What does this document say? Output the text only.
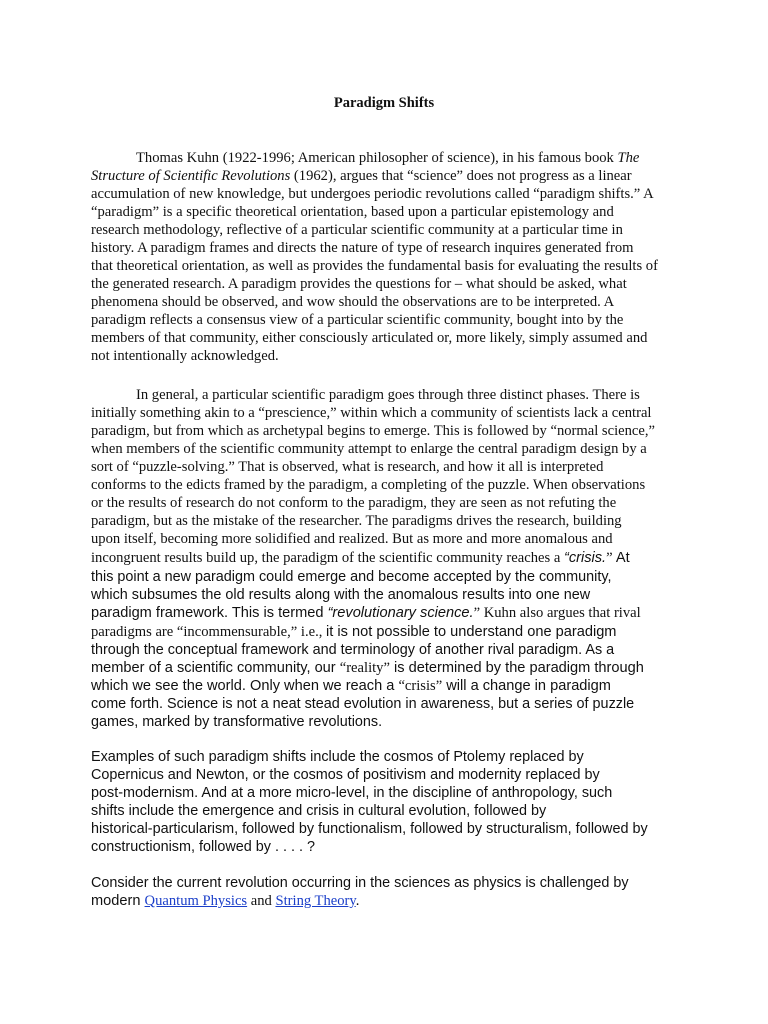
Paradigm Shifts
Thomas Kuhn (1922-1996; American philosopher of science), in his famous book The
Structure of Scientific Revolutions (1962), argues that “science” does not progress as a linear
accumulation of new knowledge, but undergoes periodic revolutions called “paradigm shifts.” A
“paradigm” is a specific theoretical orientation, based upon a particular epistemology and
research methodology, reflective of a particular scientific community at a particular time in
history. A paradigm frames and directs the nature of type of research inquires generated from
that theoretical orientation, as well as provides the fundamental basis for evaluating the results of
the generated research. A paradigm provides the questions for – what should be asked, what
phenomena should be observed, and wow should the observations are to be interpreted. A
paradigm reflects a consensus view of a particular scientific community, bought into by the
members of that community, either consciously articulated or, more likely, simply assumed and
not intentionally acknowledged.
In general, a particular scientific paradigm goes through three distinct phases. There is
initially something akin to a “prescience,” within which a community of scientists lack a central
paradigm, but from which as archetypal begins to emerge. This is followed by “normal science,”
when members of the scientific community attempt to enlarge the central paradigm design by a
sort of “puzzle-solving.” That is observed, what is research, and how it all is interpreted
conforms to the edicts framed by the paradigm, a completing of the puzzle. When observations
or the results of research do not conform to the paradigm, they are seen as not refuting the
paradigm, but as the mistake of the researcher. The paradigms drives the research, building
upon itself, becoming more solidified and realized. But as more and more anomalous and
incongruent results build up, the paradigm of the scientific community reaches a “crisis.” At
this point a new paradigm could emerge and become accepted by the community,
which subsumes the old results along with the anomalous results into one new
paradigm framework. This is termed “revolutionary science.” Kuhn also argues that rival
paradigms are “incommensurable,” i.e., it is not possible to understand one paradigm
through the conceptual framework and terminology of another rival paradigm. As a
member of a scientific community, our “reality” is determined by the paradigm through
which we see the world. Only when we reach a “crisis” will a change in paradigm
come forth. Science is not a neat stead evolution in awareness, but a series of puzzle
games, marked by transformative revolutions.
Examples of such paradigm shifts include the cosmos of Ptolemy replaced by
Copernicus and Newton, or the cosmos of positivism and modernity replaced by
post-modernism. And at a more micro-level, in the discipline of anthropology, such
shifts include the emergence and crisis in cultural evolution, followed by
historical-particularism, followed by functionalism, followed by structuralism, followed by
constructionism, followed by . . . . ?
Consider the current revolution occurring in the sciences as physics is challenged by
modern Quantum Physics and String Theory.
